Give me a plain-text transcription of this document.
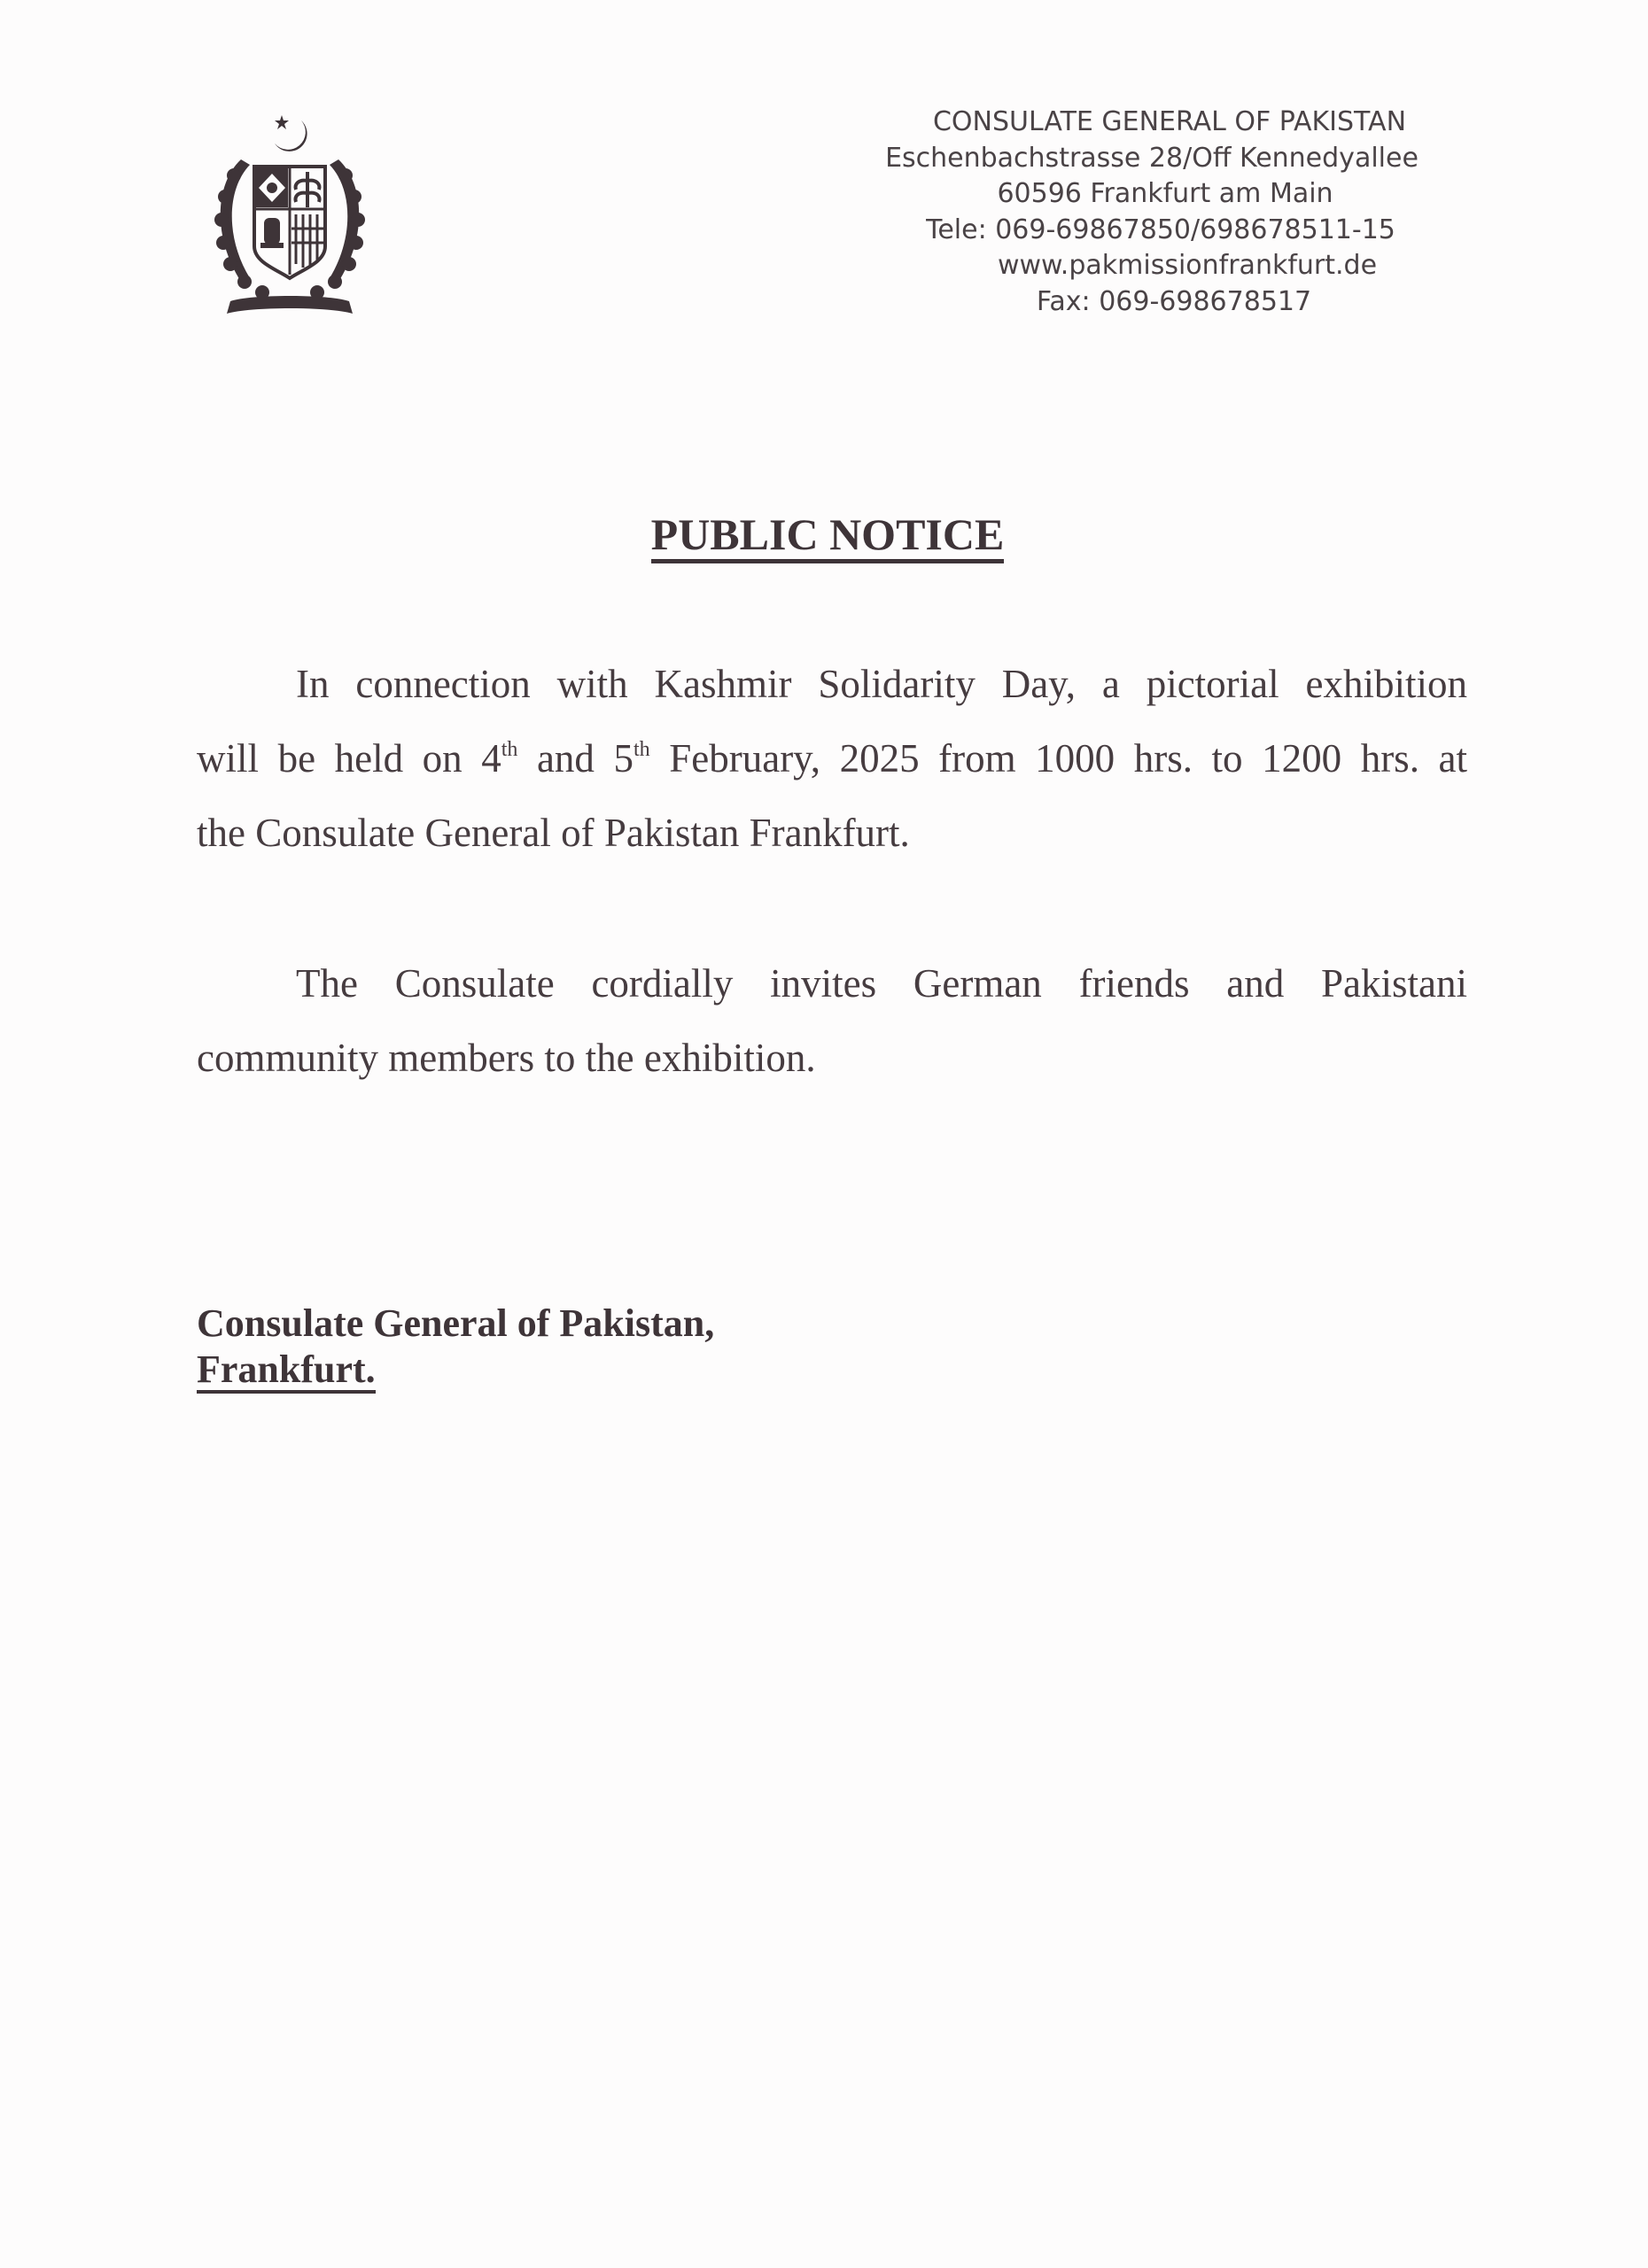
CONSULATE GENERAL OF PAKISTAN
Eschenbachstrasse 28/Off Kennedyallee
60596 Frankfurt am Main
Tele: 069-69867850/698678511-15
www.pakmissionfrankfurt.de
Fax: 069-698678517
PUBLIC NOTICE
In connection with Kashmir Solidarity Day, a pictorial exhibition
will be held on 4th and 5th February, 2025 from 1000 hrs. to 1200 hrs. at
the Consulate General of Pakistan Frankfurt.
The Consulate cordially invites German friends and Pakistani
community members to the exhibition.
Consulate General of Pakistan,
Frankfurt.
